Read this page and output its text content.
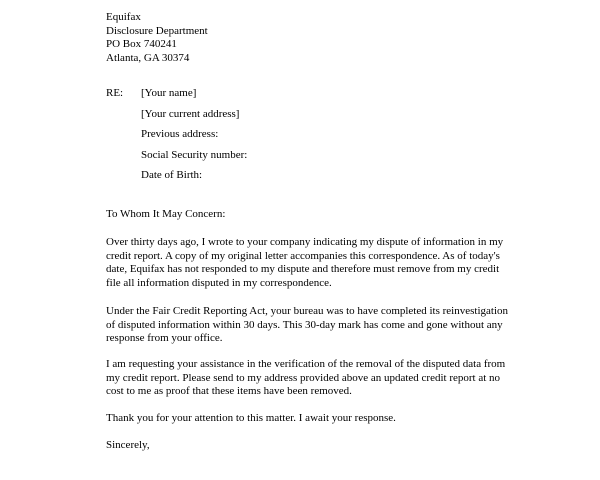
Equifax
Disclosure Department
PO Box 740241
Atlanta, GA 30374
RE: [Your name]
[Your current address]
Previous address:
Social Security number:
Date of Birth:
To Whom It May Concern:
Over thirty days ago, I wrote to your company indicating my dispute of information in my
credit report. A copy of my original letter accompanies this correspondence. As of today's
date, Equifax has not responded to my dispute and therefore must remove from my credit
file all information disputed in my correspondence.
Under the Fair Credit Reporting Act, your bureau was to have completed its reinvestigation
of disputed information within 30 days. This 30-day mark has come and gone without any
response from your office.
I am requesting your assistance in the verification of the removal of the disputed data from
my credit report. Please send to my address provided above an updated credit report at no
cost to me as proof that these items have been removed.
Thank you for your attention to this matter. I await your response.
Sincerely,
